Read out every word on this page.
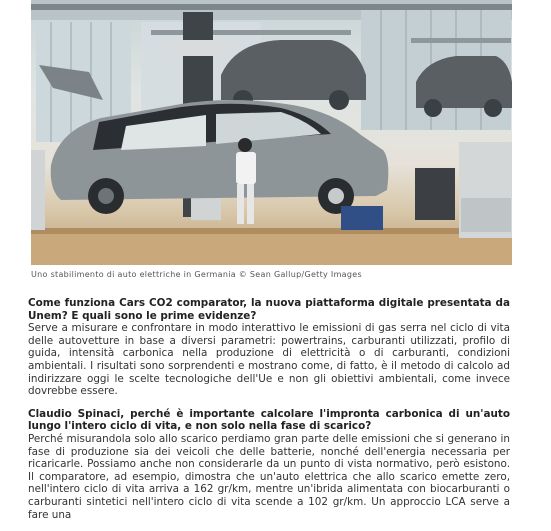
Uno stabilimento di auto elettriche in Germania © Sean Gallup/Getty Images

Come funziona Cars CO2 comparator, la nuova piattaforma digitale presentata da Unem? E quali sono le prime evidenze?

Serve a misurare e confrontare in modo interattivo le emissioni di gas serra nel ciclo di vita delle autovetture in base a diversi parametri: powertrains, carburanti utilizzati, profilo di guida, intensità carbonica nella produzione di elettricità o di carburanti, condizioni ambientali. I risultati sono sorprendenti e mostrano come, di fatto, è il metodo di calcolo ad indirizzare oggi le scelte tecnologiche dell'Ue e non gli obiettivi ambientali, come invece dovrebbe essere.

Claudio Spinaci, perché è importante calcolare l'impronta carbonica di un'auto lungo l'intero ciclo di vita, e non solo nella fase di scarico?

Perché misurandola solo allo scarico perdiamo gran parte delle emissioni che si generano in fase di produzione sia dei veicoli che delle batterie, nonché dell'energia necessaria per ricaricarle. Possiamo anche non considerarle da un punto di vista normativo, però esistono. Il comparatore, ad esempio, dimostra che un'auto elettrica che allo scarico emette zero, nell'intero ciclo di vita arriva a 162 gr/km, mentre un'ibrida alimentata con biocarburanti o carburanti sintetici nell'intero ciclo di vita scende a 102 gr/km. Un approccio LCA serve a fare una
